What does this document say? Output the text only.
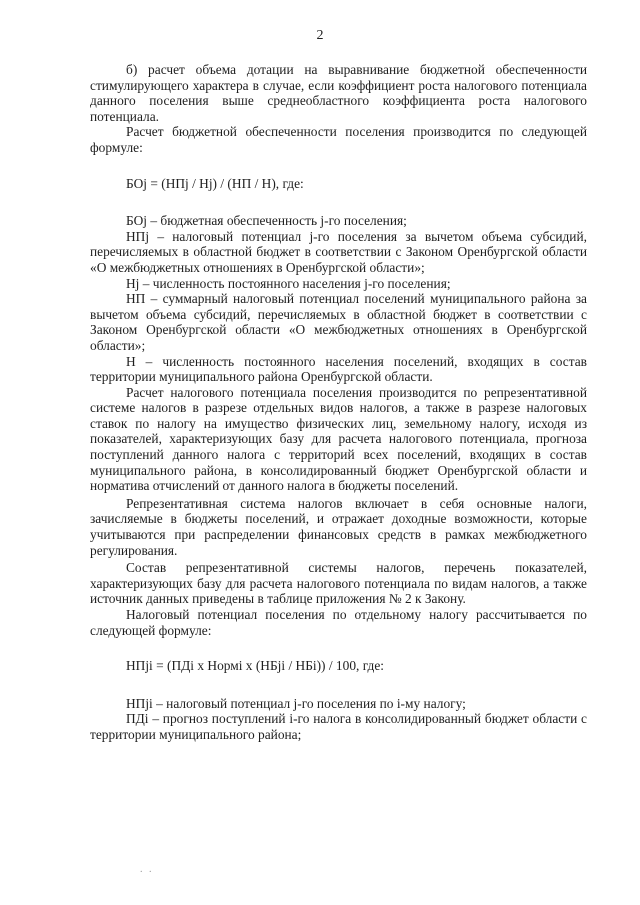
2

б) расчет объема дотации на выравнивание бюджетной обеспеченности стимулирующего характера в случае, если коэффициент роста налогового потенциала данного поселения выше среднеобластного коэффициента роста налогового потенциала.

Расчет бюджетной обеспеченности поселения производится по следующей формуле:

БОj = (НПj / Нj) / (НП / Н), где:

БОj – бюджетная обеспеченность j-го поселения;

НПj – налоговый потенциал j-го поселения за вычетом объема субсидий, перечисляемых в областной бюджет в соответствии с Законом Оренбургской области «О межбюджетных отношениях в Оренбургской области»;

Нj – численность постоянного населения j-го поселения;

НП – суммарный налоговый потенциал поселений муниципального района за вычетом объема субсидий, перечисляемых в областной бюджет в соответствии с Законом Оренбургской области «О межбюджетных отношениях в Оренбургской области»;

Н – численность постоянного населения поселений, входящих в состав территории муниципального района Оренбургской области.

Расчет налогового потенциала поселения производится по репрезентативной системе налогов в разрезе отдельных видов налогов, а также в разрезе налоговых ставок по налогу на имущество физических лиц, земельному налогу, исходя из показателей, характеризующих базу для расчета налогового потенциала, прогноза поступлений данного налога с территорий всех поселений, входящих в состав муниципального района, в консолидированный бюджет Оренбургской области и норматива отчислений от данного налога в бюджеты поселений.

Репрезентативная система налогов включает в себя основные налоги, зачисляемые в бюджеты поселений, и отражает доходные возможности, которые учитываются при распределении финансовых средств в рамках межбюджетного регулирования.

Состав репрезентативной системы налогов, перечень показателей, характеризующих базу для расчета налогового потенциала по видам налогов, а также источник данных приведены в таблице приложения № 2 к Закону.

Налоговый потенциал поселения по отдельному налогу рассчитывается по следующей формуле:

НПji = (ПДi х Нормi х (НБji / НБi)) / 100, где:

НПji – налоговый потенциал j-го поселения по i-му налогу;

ПДi – прогноз поступлений i-го налога в консолидированный бюджет области с территории муниципального района;

. .
